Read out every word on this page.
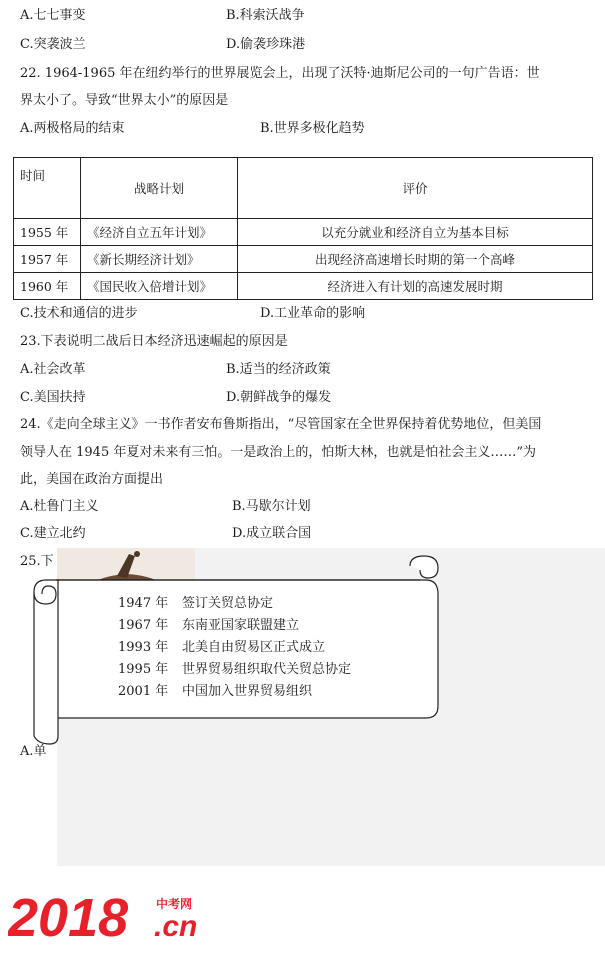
A.七七事变	B.科索沃战争
C.突袭波兰	D.偷袭珍珠港
22. 1964-1965 年在纽约举行的世界展览会上，出现了沃特·迪斯尼公司的一句广告语：世
界太小了。导致“世界太小”的原因是
A.两极格局的结束	B.世界多极化趋势
时间	战略计划	评价
1955 年	《经济自立五年计划》	以充分就业和经济自立为基本目标
1957 年	《新长期经济计划》	出现经济高速增长时期的第一个高峰
1960 年	《国民收入倍增计划》	经济进入有计划的高速发展时期
C.技术和通信的进步	D.工业革命的影响
23.下表说明二战后日本经济迅速崛起的原因是
A.社会改革	B.适当的经济政策
C.美国扶持	D.朝鲜战争的爆发
24.《走向全球主义》一书作者安布鲁斯指出，“尽管国家在全世界保持着优势地位，但美国
领导人在 1945 年夏对未来有三怕。一是政治上的，怕斯大林，也就是怕社会主义……”为
此，美国在政治方面提出
A.杜鲁门主义	B.马歇尔计划
C.建立北约	D.成立联合国
25.下
A.单
1947 年 签订关贸总协定
1967 年 东南亚国家联盟建立
1993 年 北美自由贸易区正式成立
1995 年 世界贸易组织取代关贸总协定
2001 年 中国加入世界贸易组织
2018 中考网
.cn
